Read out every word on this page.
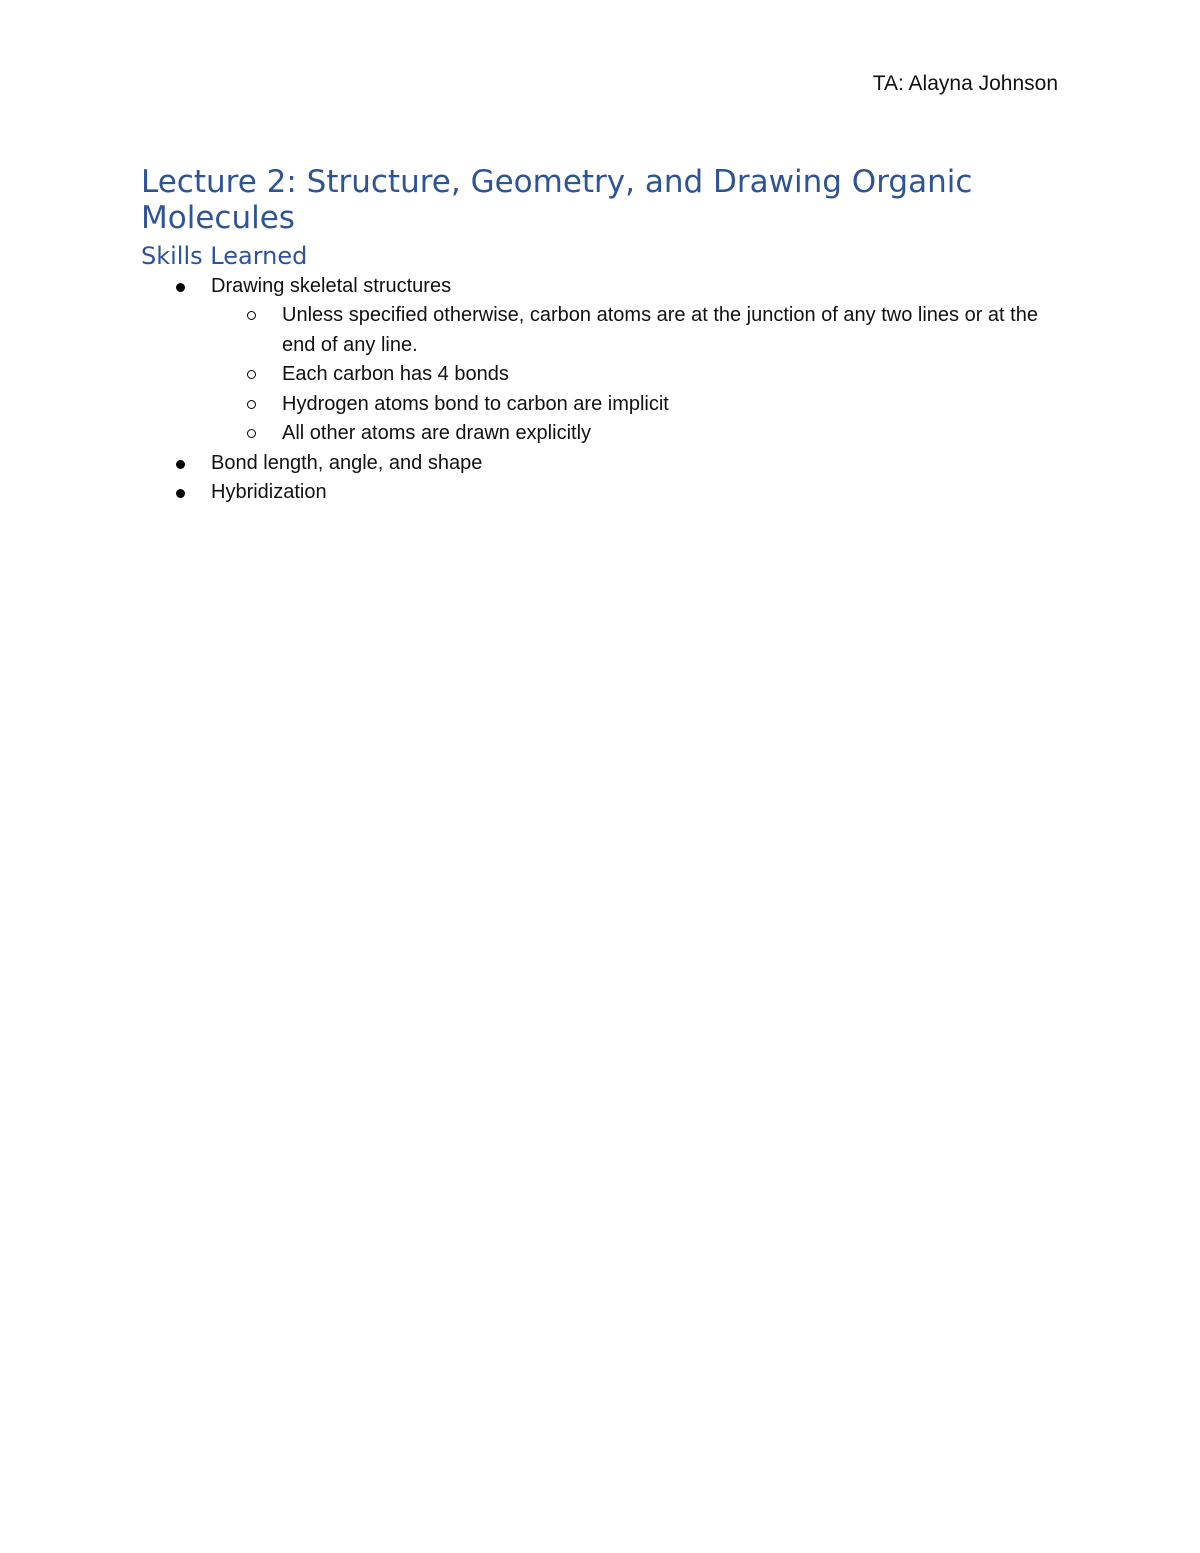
TA: Alayna Johnson
Lecture 2: Structure, Geometry, and Drawing Organic Molecules
Skills Learned
Drawing skeletal structures
Unless specified otherwise, carbon atoms are at the junction of any two lines or at the end of any line.
Each carbon has 4 bonds
Hydrogen atoms bond to carbon are implicit
All other atoms are drawn explicitly
Bond length, angle, and shape
Hybridization
